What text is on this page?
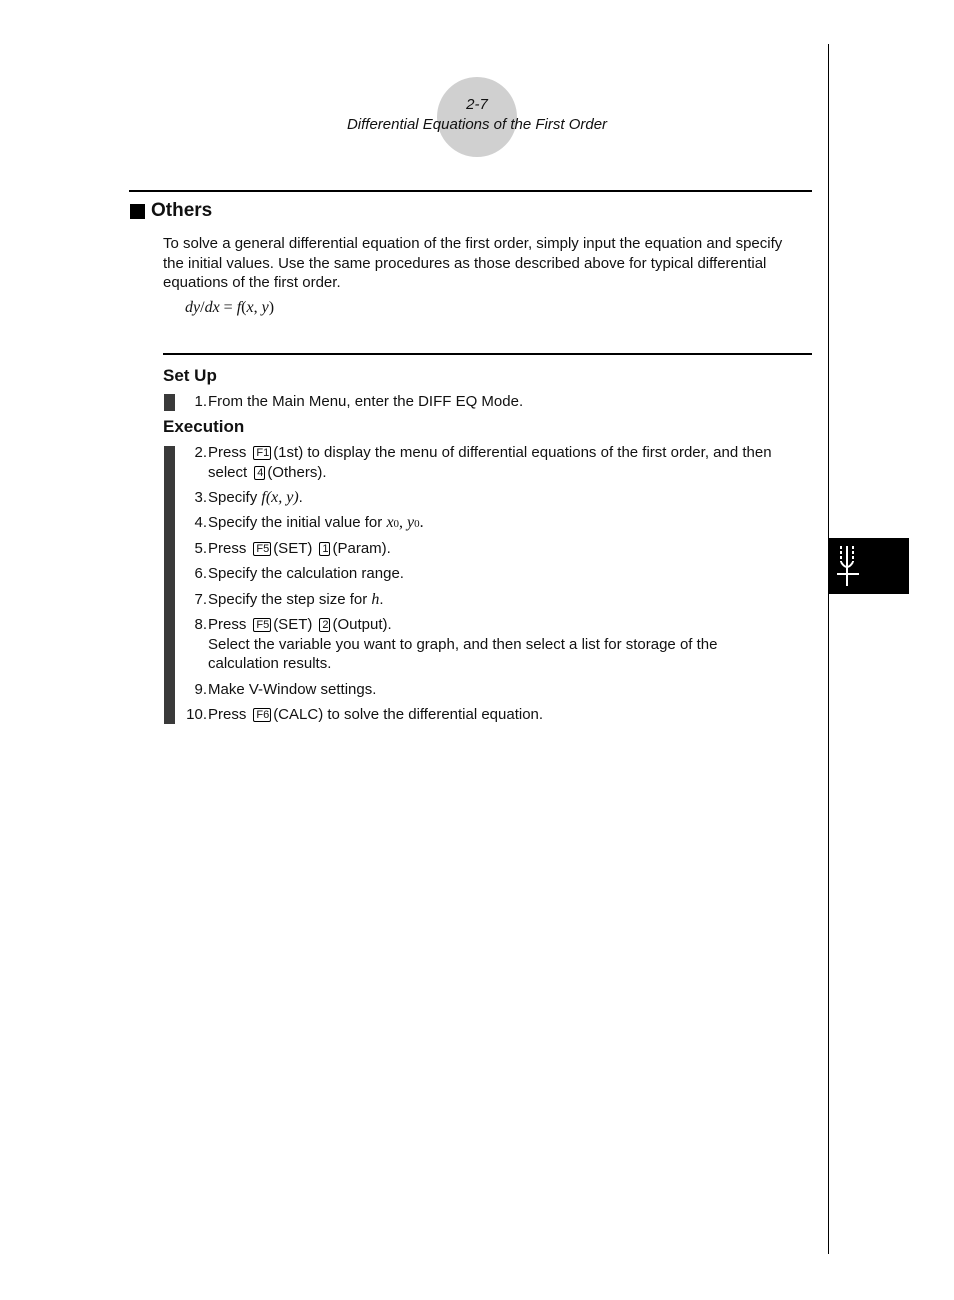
2-7
Differential Equations of the First Order
Others
To solve a general differential equation of the first order, simply input the equation and specify the initial values. Use the same procedures as those described above for typical differential equations of the first order.
dy/dx = f(x, y)
Set Up
1. From the Main Menu, enter the DIFF EQ Mode.
Execution
2. Press F1 (1st) to display the menu of differential equations of the first order, and then
select 4 (Others).
3. Specify f(x, y).
4. Specify the initial value for x0, y0.
5. Press F5 (SET) 1 (Param).
6. Specify the calculation range.
7. Specify the step size for h.
8. Press F5 (SET) 2 (Output).
Select the variable you want to graph, and then select a list for storage of the
calculation results.
9. Make V-Window settings.
10. Press F6 (CALC) to solve the differential equation.
